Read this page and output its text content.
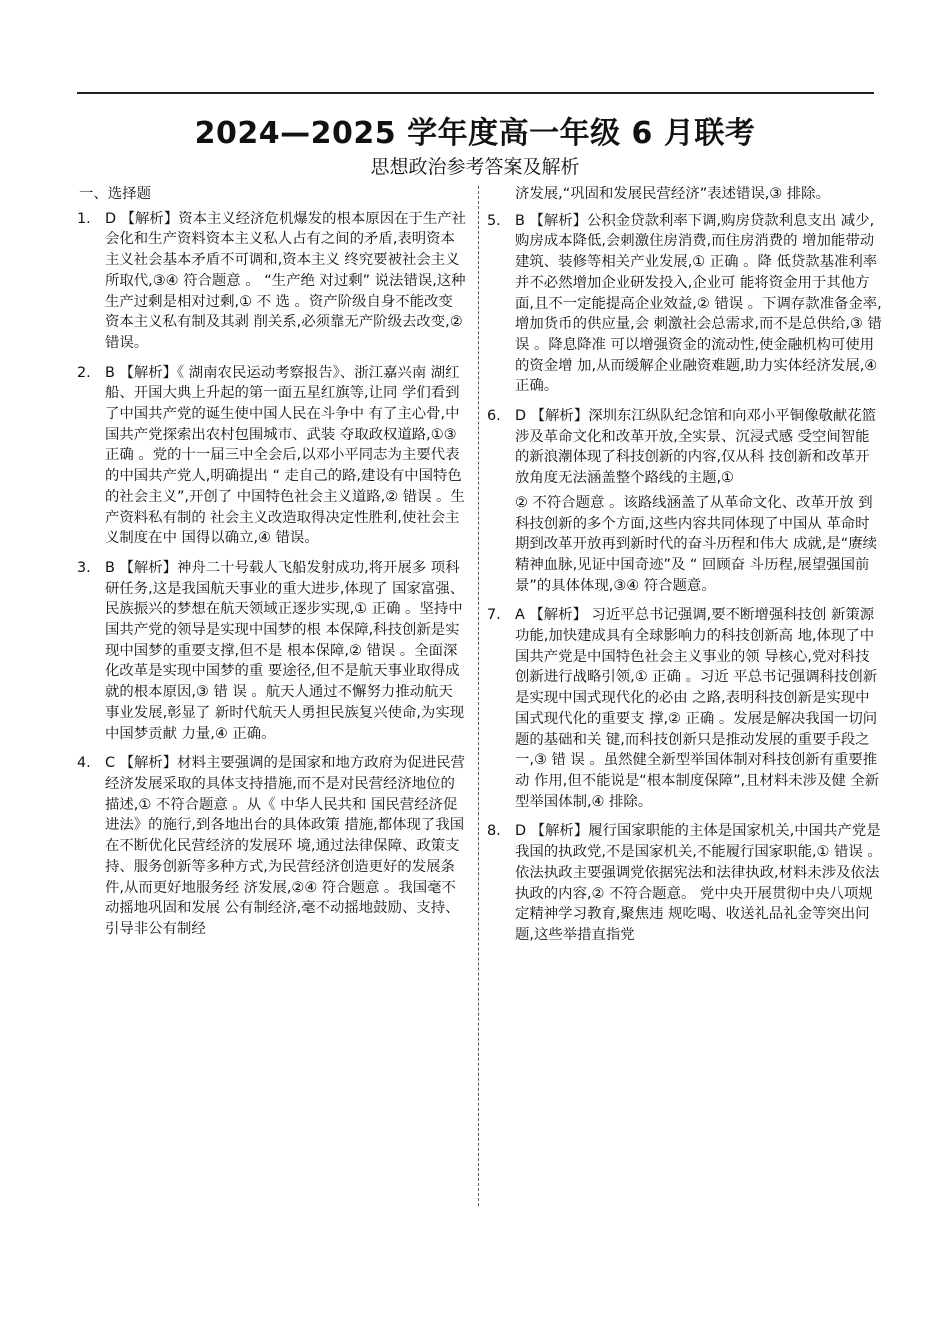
2024—2025 学年度高一年级 6 月联考
思想政治参考答案及解析
一、选择题
1. D 【解析】资本主义经济危机爆发的根本原因在于生产社会化和生产资料资本主义私人占有之间的矛盾,表明资本主义社会基本矛盾不可调和,资本主义 终究要被社会主义所取代,③④ 符合题意 。 “生产绝 对过剩” 说法错误,这种生产过剩是相对过剩,① 不 选 。资产阶级自身不能改变资本主义私有制及其剥 削关系,必须靠无产阶级去改变,② 错误。
2. B 【解析】《 湖南农民运动考察报告》、浙江嘉兴南 湖红船、开国大典上升起的第一面五星红旗等,让同 学们看到了中国共产党的诞生使中国人民在斗争中 有了主心骨,中国共产党探索出农村包围城市、武装 夺取政权道路,①③ 正确 。党的十一届三中全会后,以邓小平同志为主要代表的中国共产党人,明确提出 “ 走自己的路,建设有中国特色的社会主义”,开创了 中国特色社会主义道路,② 错误 。生产资料私有制的 社会主义改造取得决定性胜利,使社会主义制度在中 国得以确立,④ 错误。
3. B 【解析】神舟二十号载人飞船发射成功,将开展多 项科研任务,这是我国航天事业的重大进步,体现了 国家富强、民族振兴的梦想在航天领域正逐步实现,① 正确 。坚持中国共产党的领导是实现中国梦的根 本保障,科技创新是实现中国梦的重要支撑,但不是 根本保障,② 错误 。全面深化改革是实现中国梦的重 要途径,但不是航天事业取得成就的根本原因,③ 错 误 。航天人通过不懈努力推动航天事业发展,彰显了 新时代航天人勇担民族复兴使命,为实现中国梦贡献 力量,④ 正确。
4. C 【解析】材料主要强调的是国家和地方政府为促进民营经济发展采取的具体支持措施,而不是对民营经济地位的描述,① 不符合题意 。从《 中华人民共和 国民营经济促进法》的施行,到各地出台的具体政策 措施,都体现了我国在不断优化民营经济的发展环 境,通过法律保障、政策支持、服务创新等多种方式,为民营经济创造更好的发展条件,从而更好地服务经 济发展,②④ 符合题意 。我国毫不动摇地巩固和发展 公有制经济,毫不动摇地鼓励、支持、引导非公有制经
济发展,“巩固和发展民营经济”表述错误,③ 排除。
5. B 【解析】公积金贷款利率下调,购房贷款利息支出 减少,购房成本降低,会刺激住房消费,而住房消费的 增加能带动建筑、装修等相关产业发展,① 正确 。降 低贷款基准利率并不必然增加企业研发投入,企业可 能将资金用于其他方面,且不一定能提高企业效益,② 错误 。下调存款准备金率,增加货币的供应量,会 刺激社会总需求,而不是总供给,③ 错误 。降息降准 可以增强资金的流动性,使金融机构可使用的资金增 加,从而缓解企业融资难题,助力实体经济发展,④ 正确。
6. D 【解析】深圳东江纵队纪念馆和向邓小平铜像敬献花篮涉及革命文化和改革开放,全实景、沉浸式感 受空间智能的新浪潮体现了科技创新的内容,仅从科 技创新和改革开放角度无法涵盖整个路线的主题,①
② 不符合题意 。该路线涵盖了从革命文化、改革开放 到科技创新的多个方面,这些内容共同体现了中国从 革命时期到改革开放再到新时代的奋斗历程和伟大 成就,是“赓续精神血脉,见证中国奇迹”及 “ 回顾奋 斗历程,展望强国前景”的具体体现,③④ 符合题意。
7. A 【解析】 习近平总书记强调,要不断增强科技创 新策源功能,加快建成具有全球影响力的科技创新高 地,体现了中国共产党是中国特色社会主义事业的领 导核心,党对科技创新进行战略引领,① 正确 。习近 平总书记强调科技创新是实现中国式现代化的必由 之路,表明科技创新是实现中国式现代化的重要支 撑,② 正确 。发展是解决我国一切问题的基础和关 键,而科技创新只是推动发展的重要手段之一,③ 错 误 。虽然健全新型举国体制对科技创新有重要推动 作用,但不能说是“根本制度保障”,且材料未涉及健 全新型举国体制,④ 排除。
8. D 【解析】履行国家职能的主体是国家机关,中国共产党是我国的执政党,不是国家机关,不能履行国家职能,① 错误 。依法执政主要强调党依据宪法和法律执政,材料未涉及依法执政的内容,② 不符合题意。 党中央开展贯彻中央八项规定精神学习教育,聚焦违 规吃喝、收送礼品礼金等突出问题,这些举措直指党
